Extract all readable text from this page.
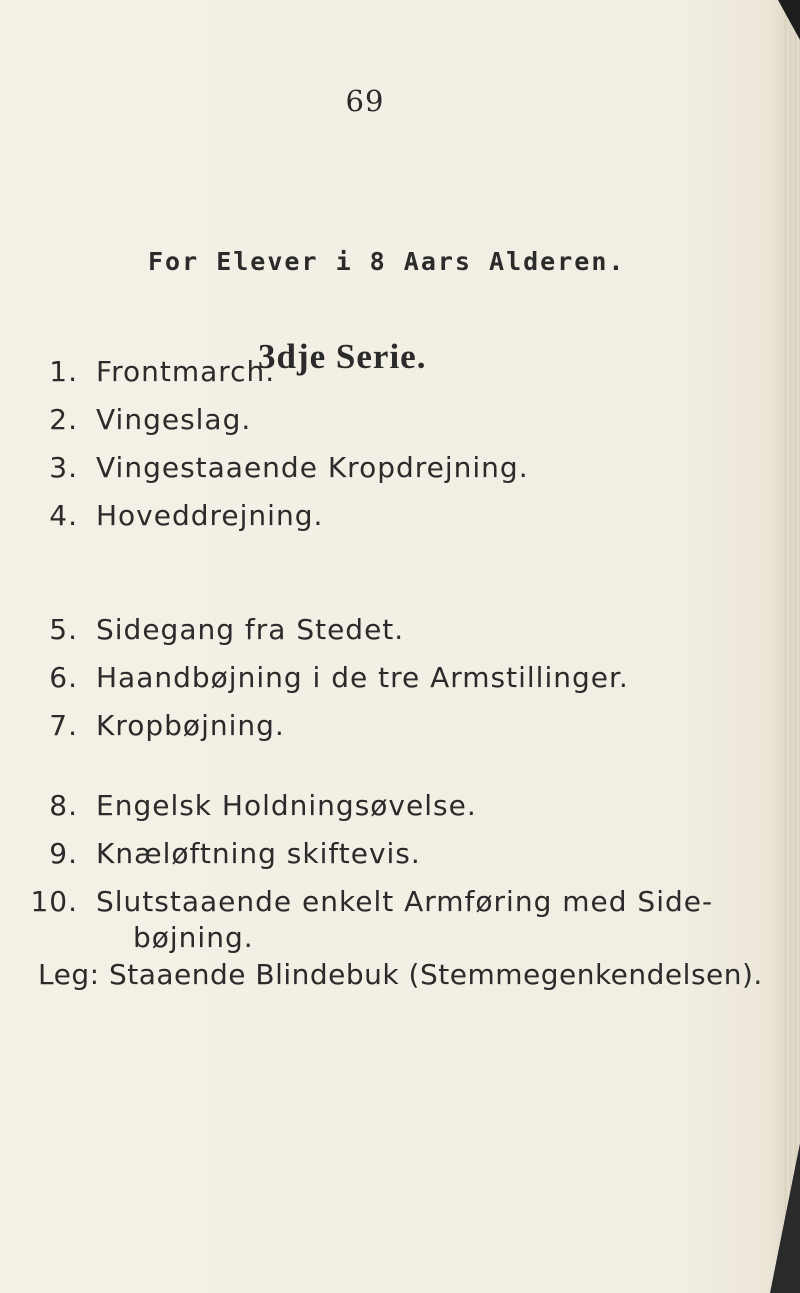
69
For Elever i 8 Aars Alderen.
3dje Serie.
1. Frontmarch.
2. Vingeslag.
3. Vingestaaende Kropdrejning.
4. Hoveddrejning.
5. Sidegang fra Stedet.
6. Haandbøjning i de tre Armstillinger.
7. Kropbøjning.
8. Engelsk Holdningsøvelse.
9. Knæløftning skiftevis.
10. Slutstaaende enkelt Armføring med Side-
bøjning.
Leg: Staaende Blindebuk (Stemmegenkendelsen).
